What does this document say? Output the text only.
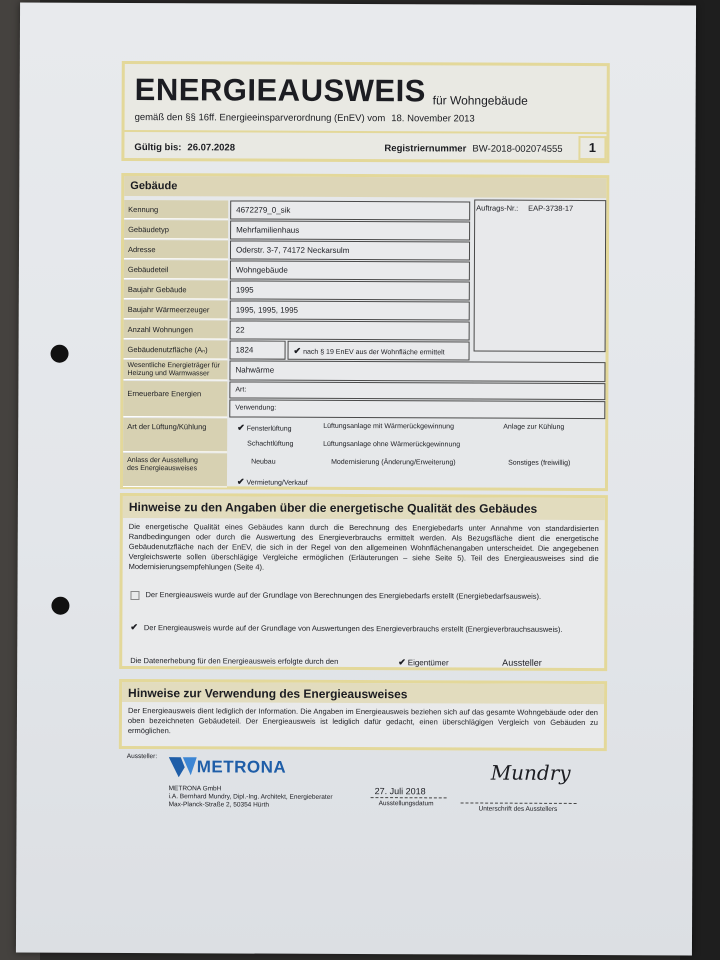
ENERGIEAUSWEIS für Wohngebäude
gemäß den §§ 16ff. Energieeinsparverordnung (EnEV) vom 18. November 2013
Gültig bis: 26.07.2028	Registriernummer BW-2018-002074555	1
Gebäude
Auftrags-Nr.: EAP-3738-17
Kennung	4672279_0_sik
Gebäudetyp	Mehrfamilienhaus
Adresse	Oderstr. 3-7, 74172 Neckarsulm
Gebäudeteil	Wohngebäude
Baujahr Gebäude	1995
Baujahr Wärmeerzeuger	1995, 1995, 1995
Anzahl Wohnungen	22
Gebäudenutzfläche (Aₙ)	1824	✔ nach § 19 EnEV aus der Wohnfläche ermittelt
Wesentliche Energieträger für
Heizung und Warmwasser	Nahwärme
Erneuerbare Energien	Art:
Verwendung:
Art der Lüftung/Kühlung	✔ Fensterlüftung	Lüftungsanlage mit Wärmerückgewinnung	Anlage zur Kühlung
Schachtlüftung	Lüftungsanlage ohne Wärmerückgewinnung
Anlass der Ausstellung
des Energieausweises
Neubau	Modernisierung (Änderung/Erweiterung)	Sonstiges (freiwillig)
✔ Vermietung/Verkauf
Hinweise zu den Angaben über die energetische Qualität des Gebäudes
Die energetische Qualität eines Gebäudes kann durch die Berechnung des Energiebedarfs unter Annahme von standardisierten Randbedingungen oder durch die Auswertung des Energieverbrauchs ermittelt werden. Als Bezugsfläche dient die energetische Gebäudenutzfläche nach der EnEV, die sich in der Regel von den allgemeinen Wohnflächenangaben unterscheidet. Die angegebenen Vergleichswerte sollen überschlägige Vergleiche ermöglichen (Erläuterungen – siehe Seite 5). Teil des Energieausweises sind die Modernisierungsempfehlungen (Seite 4).
Der Energieausweis wurde auf der Grundlage von Berechnungen des Energiebedarfs erstellt (Energiebedarfsausweis).
✔ Der Energieausweis wurde auf der Grundlage von Auswertungen des Energieverbrauchs erstellt (Energieverbrauchsausweis).
Die Datenerhebung für den Energieausweis erfolgte durch den	✔ Eigentümer	Aussteller
Hinweise zur Verwendung des Energieausweises
Der Energieausweis dient lediglich der Information. Die Angaben im Energieausweis beziehen sich auf das gesamte Wohngebäude oder den oben bezeichneten Gebäudeteil. Der Energieausweis ist lediglich dafür gedacht, einen überschlägigen Vergleich von Gebäuden zu ermöglichen.
Aussteller:
METRONA
METRONA GmbH
i.A. Bernhard Mundry, Dipl.-Ing. Architekt, Energieberater
Max-Planck-Straße 2, 50354 Hürth
27. Juli 2018
Ausstellungsdatum
Mundry
Unterschrift des Ausstellers
